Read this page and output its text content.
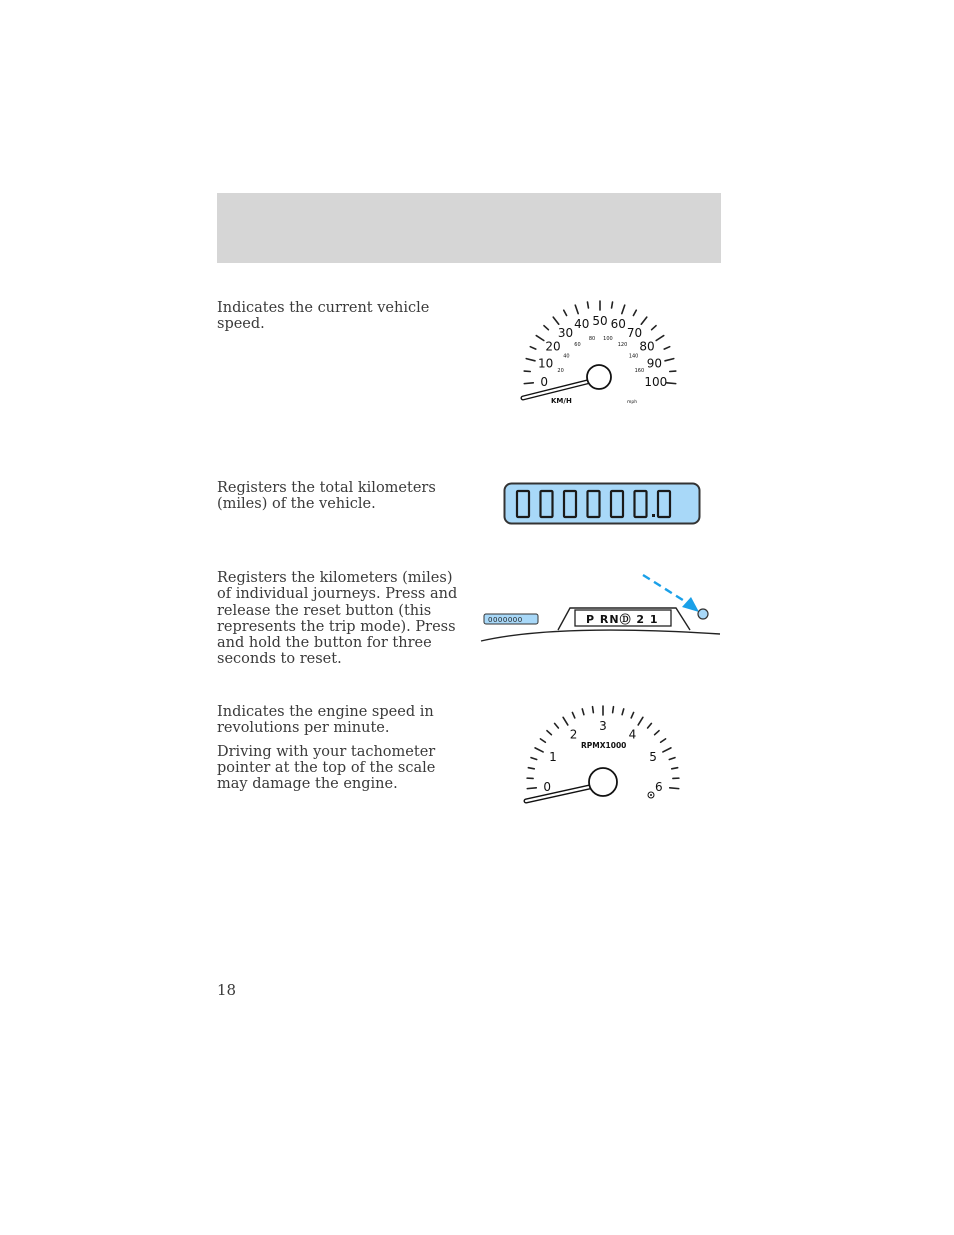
Indicates the current vehicle speed.

0
10
20
30
40 50 60
70
80
90
100
20
40
60
80 100
120
140
160
KM/H	mph

Registers the total kilometers (miles) of the vehicle.

Registers the kilometers (miles) of individual journeys. Press and release the reset button (this represents the trip mode). Press and hold the button for three seconds to reset.

0000000	P RNⒹ 2 1

Indicates the engine speed in revolutions per minute.

Driving with your tachometer pointer at the top of the scale may damage the engine.	0
1
2
3
4
5
6
RPMX1000
18
